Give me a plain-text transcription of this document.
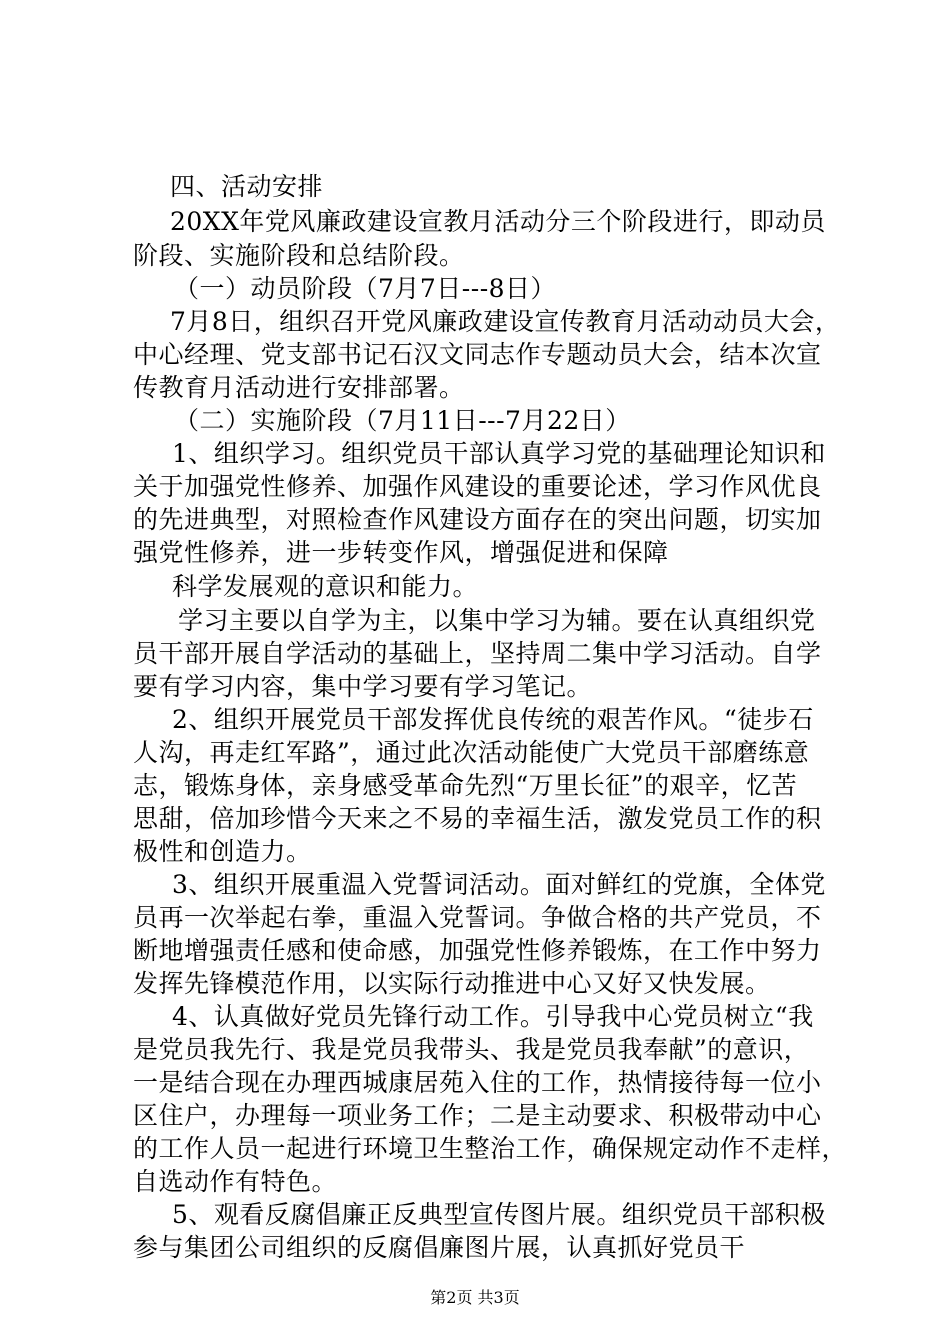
四、活动安排
20XX年党风廉政建设宣教月活动分三个阶段进行，即动员
阶段、实施阶段和总结阶段。
（一）动员阶段（7月7日---8日）
7月8日，组织召开党风廉政建设宣传教育月活动动员大会，
中心经理、党支部书记石汉文同志作专题动员大会，结本次宣
传教育月活动进行安排部署。
（二）实施阶段（7月11日---7月22日）
1、组织学习。组织党员干部认真学习党的基础理论知识和
关于加强党性修养、加强作风建设的重要论述，学习作风优良
的先进典型，对照检查作风建设方面存在的突出问题，切实加
强党性修养，进一步转变作风，增强促进和保障
科学发展观的意识和能力。
学习主要以自学为主，以集中学习为辅。要在认真组织党
员干部开展自学活动的基础上，坚持周二集中学习活动。自学
要有学习内容，集中学习要有学习笔记。
2、组织开展党员干部发挥优良传统的艰苦作风。“徒步石
人沟，再走红军路”，通过此次活动能使广大党员干部磨练意
志，锻炼身体，亲身感受革命先烈“万里长征”的艰辛，忆苦
思甜，倍加珍惜今天来之不易的幸福生活，激发党员工作的积
极性和创造力。
3、组织开展重温入党誓词活动。面对鲜红的党旗，全体党
员再一次举起右拳，重温入党誓词。争做合格的共产党员，不
断地增强责任感和使命感，加强党性修养锻炼，在工作中努力
发挥先锋模范作用，以实际行动推进中心又好又快发展。
4、认真做好党员先锋行动工作。引导我中心党员树立“我
是党员我先行、我是党员我带头、我是党员我奉献”的意识，
一是结合现在办理西城康居苑入住的工作，热情接待每一位小
区住户，办理每一项业务工作；二是主动要求、积极带动中心
的工作人员一起进行环境卫生整治工作，确保规定动作不走样，
自选动作有特色。
5、观看反腐倡廉正反典型宣传图片展。组织党员干部积极
参与集团公司组织的反腐倡廉图片展，认真抓好党员干
第2页 共3页
